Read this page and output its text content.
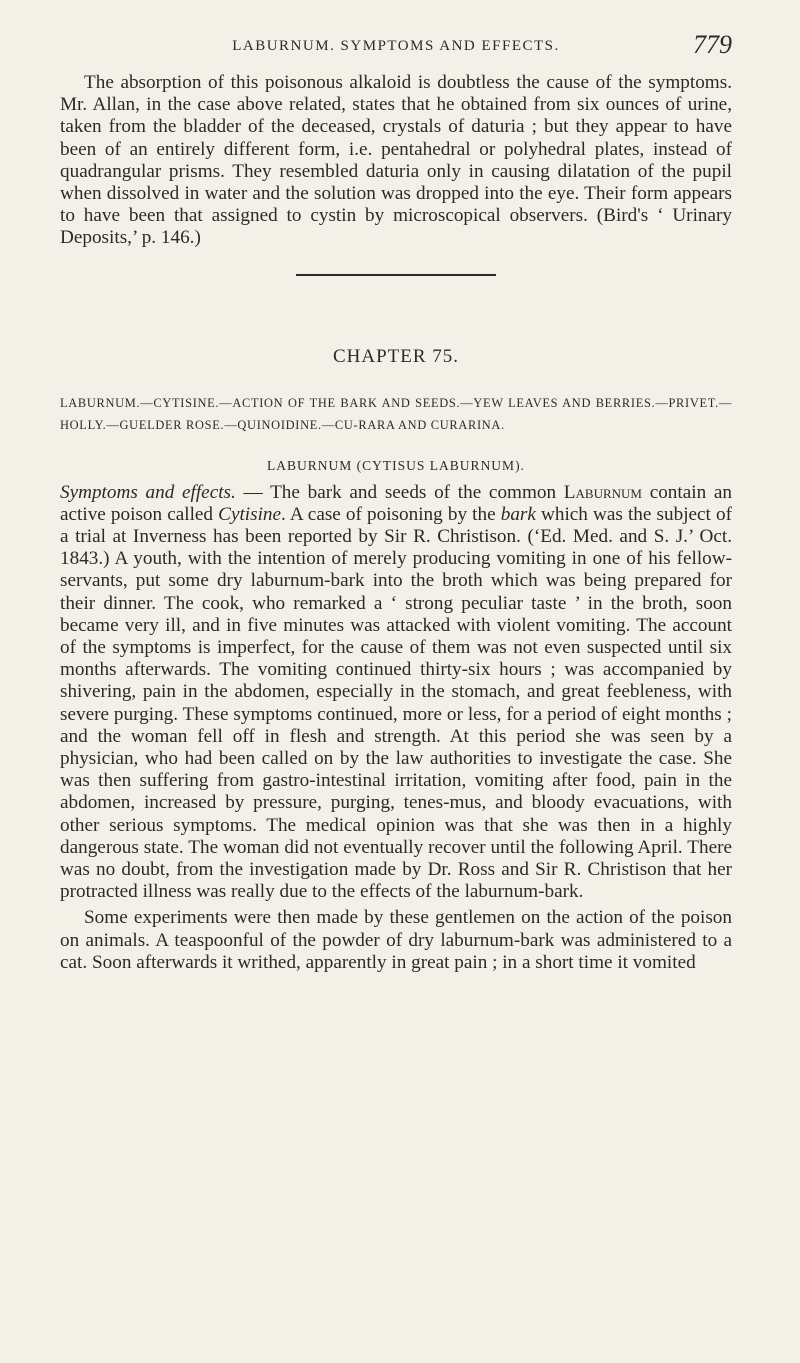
LABURNUM. SYMPTOMS AND EFFECTS.	779

The absorption of this poisonous alkaloid is doubtless the cause of the symptoms. Mr. Allan, in the case above related, states that he obtained from six ounces of urine, taken from the bladder of the deceased, crystals of daturia ; but they appear to have been of an entirely different form, i.e. pentahedral or polyhedral plates, instead of quadrangular prisms. They resembled daturia only in causing dilatation of the pupil when dissolved in water and the solution was dropped into the eye. Their form appears to have been that assigned to cystin by microscopical observers. (Bird's ‘ Urinary Deposits,’ p. 146.)

CHAPTER 75.

LABURNUM.—CYTISINE.—ACTION OF THE BARK AND SEEDS.—YEW LEAVES AND BERRIES.—PRIVET.—HOLLY.—GUELDER ROSE.—QUINOIDINE.—CU-RARA AND CURARINA.

LABURNUM (CYTISUS LABURNUM).

Symptoms and effects. — The bark and seeds of the common Laburnum contain an active poison called Cytisine. A case of poisoning by the bark which was the subject of a trial at Inverness has been reported by Sir R. Christison. (‘Ed. Med. and S. J.’ Oct. 1843.) A youth, with the intention of merely producing vomiting in one of his fellow-servants, put some dry laburnum-bark into the broth which was being prepared for their dinner. The cook, who remarked a ‘ strong peculiar taste ’ in the broth, soon became very ill, and in five minutes was attacked with violent vomiting. The account of the symptoms is imperfect, for the cause of them was not even suspected until six months afterwards. The vomiting continued thirty-six hours ; was accompanied by shivering, pain in the abdomen, especially in the stomach, and great feebleness, with severe purging. These symptoms continued, more or less, for a period of eight months ; and the woman fell off in flesh and strength. At this period she was seen by a physician, who had been called on by the law authorities to investigate the case. She was then suffering from gastro-intestinal irritation, vomiting after food, pain in the abdomen, increased by pressure, purging, tenes-mus, and bloody evacuations, with other serious symptoms. The medical opinion was that she was then in a highly dangerous state. The woman did not eventually recover until the following April. There was no doubt, from the investigation made by Dr. Ross and Sir R. Christison that her protracted illness was really due to the effects of the laburnum-bark.

Some experiments were then made by these gentlemen on the action of the poison on animals. A teaspoonful of the powder of dry laburnum-bark was administered to a cat. Soon afterwards it writhed, apparently in great pain ; in a short time it vomited
